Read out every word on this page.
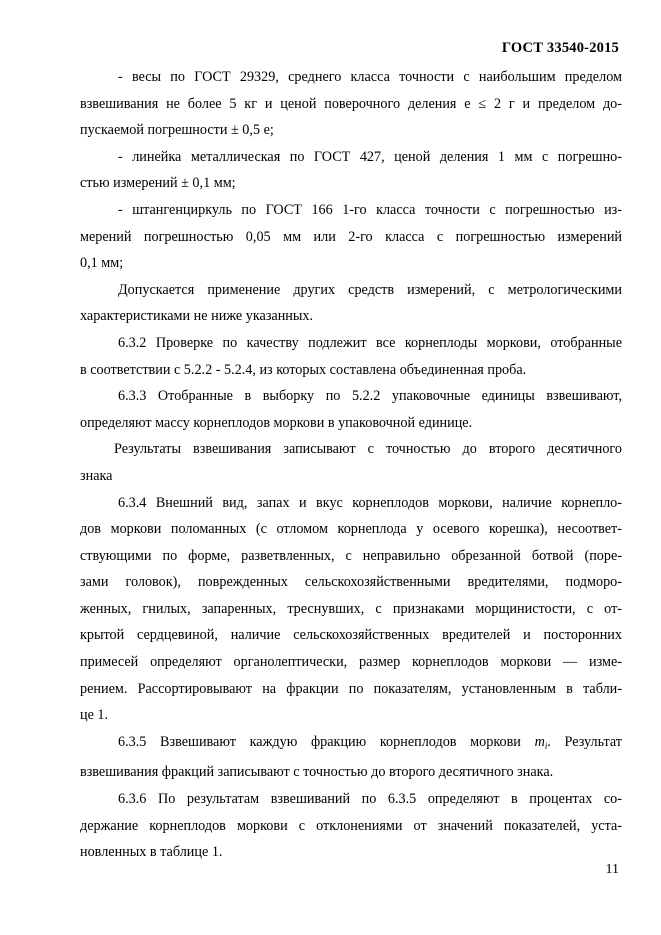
ГОСТ 33540-2015

- весы по ГОСТ 29329, среднего класса точности с наибольшим пределом
взвешивания не более 5 кг и ценой поверочного деления е ≤ 2 г и пределом до-
пускаемой погрешности ± 0,5 е;

- линейка металлическая по ГОСТ 427, ценой деления 1 мм с погрешно-
стью измерений ± 0,1 мм;

- штангенциркуль по ГОСТ 166 1-го класса точности с погрешностью из-
мерений погрешностью 0,05 мм или 2-го класса с погрешностью измерений
0,1 мм;

Допускается применение других средств измерений, с метрологическими
характеристиками не ниже указанных.

6.3.2 Проверке по качеству подлежит все корнеплоды моркови, отобранные
в соответствии с 5.2.2 - 5.2.4, из которых составлена объединенная проба.

6.3.3 Отобранные в выборку по 5.2.2 упаковочные единицы взвешивают,
определяют массу корнеплодов моркови в упаковочной единице.

Результаты взвешивания записывают с точностью до второго десятичного
знака

6.3.4 Внешний вид, запах и вкус корнеплодов моркови, наличие корнепло-
дов моркови поломанных (с отломом корнеплода у осевого корешка), несоответ-
ствующими по форме, разветвленных, с неправильно обрезанной ботвой (поре-
зами головок), поврежденных сельскохозяйственными вредителями, подморо-
женных, гнилых, запаренных, треснувших, с признаками морщинистости, с от-
крытой сердцевиной, наличие сельскохозяйственных вредителей и посторонних
примесей определяют органолептически, размер корнеплодов моркови — изме-
рением. Рассортировывают на фракции по показателям, установленным в табли-
це 1.

6.3.5 Взвешивают каждую фракцию корнеплодов моркови $m_i$. Результат
взвешивания фракций записывают с точностью до второго десятичного знака.

6.3.6 По результатам взвешиваний по 6.3.5 определяют в процентах со-
держание корнеплодов моркови с отклонениями от значений показателей, уста-
новленных в таблице 1.

11
